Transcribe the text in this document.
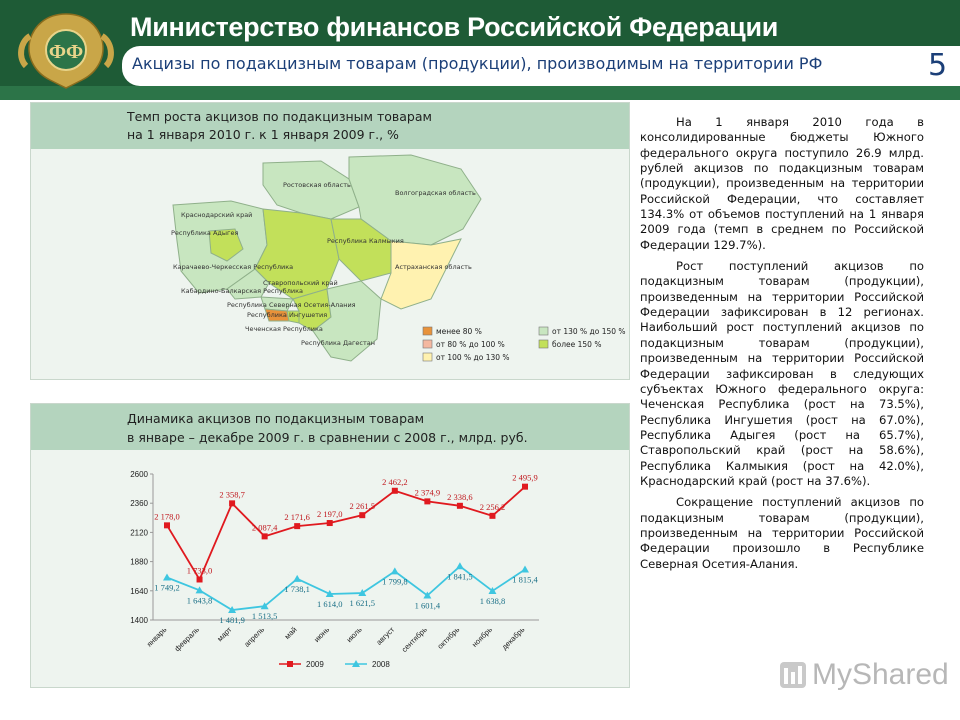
ФФ
Министерство финансов Российской Федерации
Акцизы по подакцизным товарам (продукции), производимым на территории РФ	5
Темп роста акцизов по подакцизным товарам
на 1 января 2010 г. к 1 января 2009 г., %
Краснодарский край
Республика Адыгея
Ростовская область
Волгоградская область
Республика Калмыкия
Астраханская область
Карачаево-Черкесская Республика
Ставропольский край
Кабардино-Балкарская Республика
Республика Северная Осетия-Алания
Республика Ингушетия
Чеченская Республика
Республика Дагестан
менее 80 %
от 80 % до 100 %
от 100 % до 130 %
от 130 % до 150 %
более 150 %
Динамика акцизов по подакцизным товарам
в январе – декабре 2009 г. в сравнении с 2008 г., млрд. руб.
1400
1640
1880
2120
2360
2600
январь февраль март апрель май июнь июль август сентябрь октябрь ноябрь декабрь
2 178,0
1 733,0
2 358,7
2 087,4
2 171,6 2 197,0
2 261,5
2 462,2
2 374,9 2 338,6
2 256,2
2 495,9
1 749,2
1 643,8
1 481,9 1 513,5
1 738,1
1 614,0 1 621,5
1 799,8
1 601,4
1 841,5
1 638,8
1 815,4
2009	2008

На 1 января 2010 года в консолидированные бюджеты Южного федерального округа поступило 26.9 млрд. рублей акцизов по подакцизным товарам (продукции), произведенным на территории Российской Федерации, что составляет 134.3% от объемов поступлений на 1 января 2009 года (темп в среднем по Российской Федерации 129.7%).

Рост поступлений акцизов по подакцизным товарам (продукции), произведенным на территории Российской Федерации зафиксирован в 12 регионах. Наибольший рост поступлений акцизов по подакцизным товарам (продукции), произведенным на территории Российской Федерации зафиксирован в следующих субъектах Южного федерального округа: Чеченская Республика (рост на 73.5%), Республика Ингушетия (рост на 67.0%), Республика Адыгея (рост на 65.7%), Ставропольский край (рост на 58.6%), Республика Калмыкия (рост на 42.0%), Краснодарский край (рост на 37.6%).

Сокращение поступлений акцизов по подакцизным товарам (продукции), произведенным на территории Российской Федерации произошло в Республике Северная Осетия-Алания.

MyShared
